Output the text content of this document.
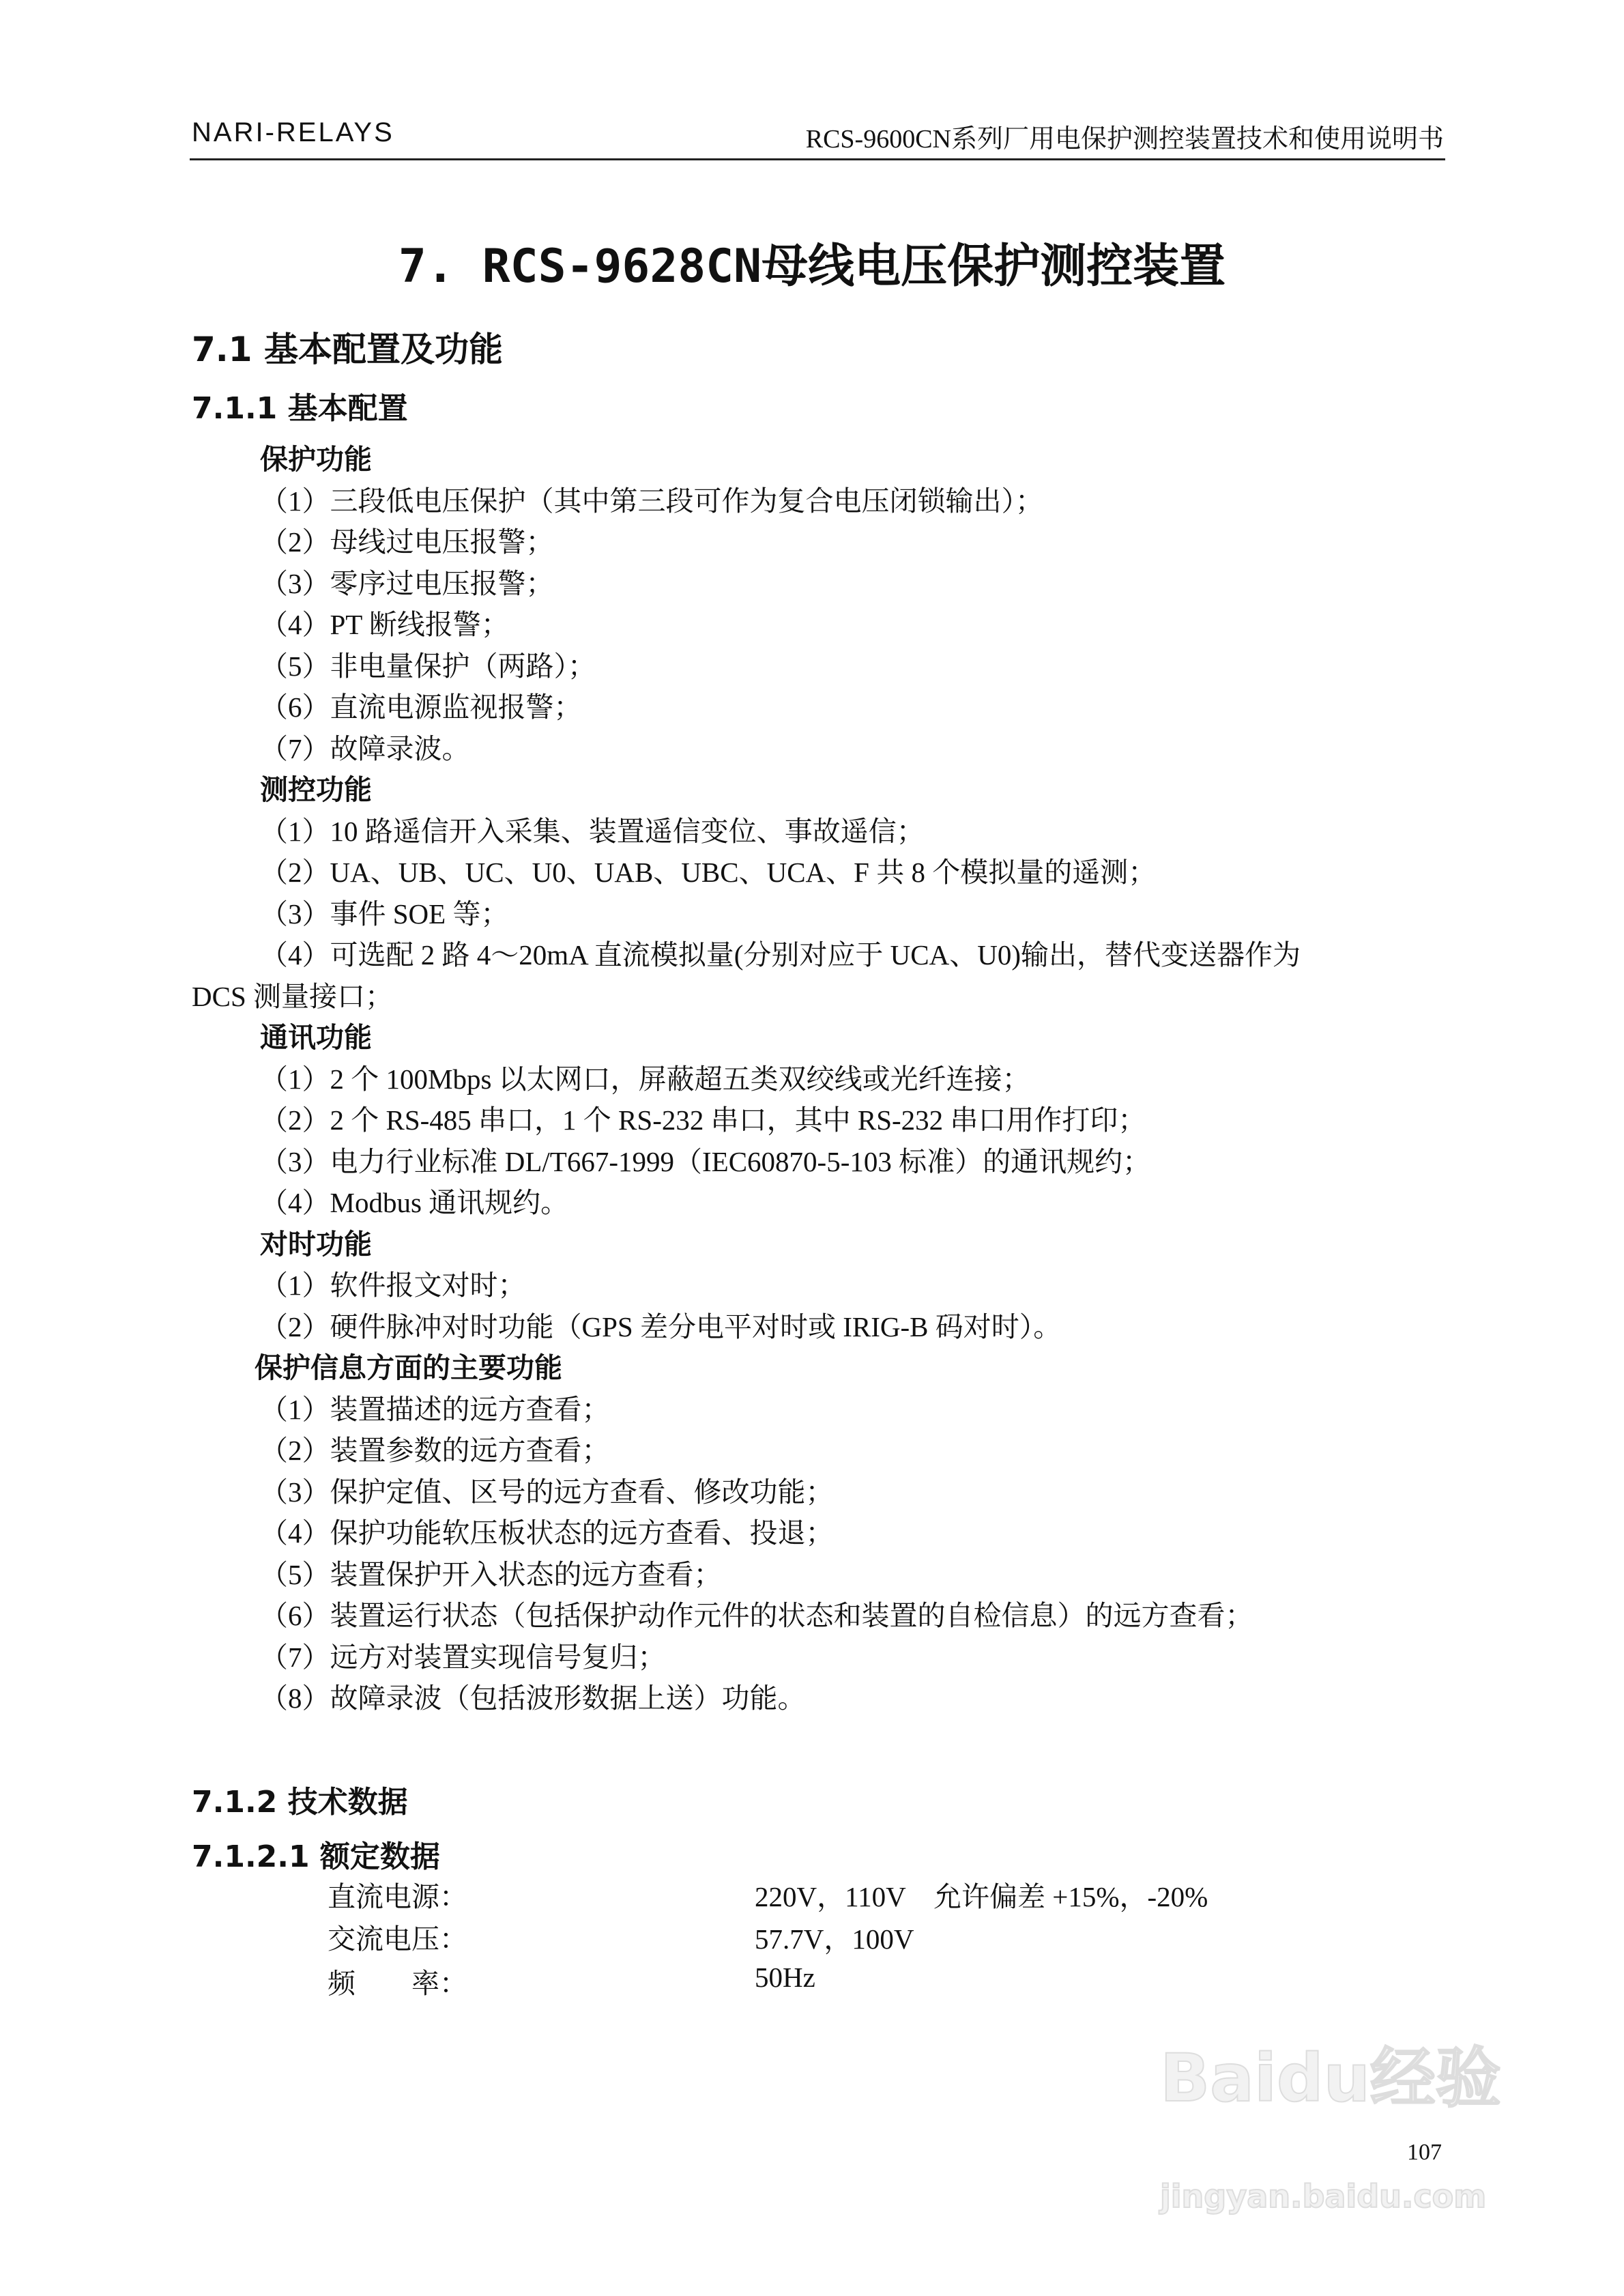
NARI-RELAYS	RCS-9600CN系列厂用电保护测控装置技术和使用说明书
7. RCS-9628CN母线电压保护测控装置
7.1 基本配置及功能
7.1.1 基本配置
保护功能
（1）三段低电压保护（其中第三段可作为复合电压闭锁输出）；
（2）母线过电压报警；
（3）零序过电压报警；
（4）PT 断线报警；
（5）非电量保护（两路）；
（6）直流电源监视报警；
（7）故障录波。
测控功能
（1）10 路遥信开入采集、装置遥信变位、事故遥信；
（2）UA、UB、UC、U0、UAB、UBC、UCA、F 共 8 个模拟量的遥测；
（3）事件 SOE 等；
（4）可选配 2 路 4～20mA 直流模拟量(分别对应于 UCA、U0)输出，替代变送器作为
DCS 测量接口；
通讯功能
（1）2 个 100Mbps 以太网口，屏蔽超五类双绞线或光纤连接；
（2）2 个 RS-485 串口，1 个 RS-232 串口，其中 RS-232 串口用作打印；
（3）电力行业标准 DL/T667-1999（IEC60870-5-103 标准）的通讯规约；
（4）Modbus 通讯规约。
对时功能
（1）软件报文对时；
（2）硬件脉冲对时功能（GPS 差分电平对时或 IRIG-B 码对时）。
保护信息方面的主要功能
（1）装置描述的远方查看；
（2）装置参数的远方查看；
（3）保护定值、区号的远方查看、修改功能；
（4）保护功能软压板状态的远方查看、投退；
（5）装置保护开入状态的远方查看；
（6）装置运行状态（包括保护动作元件的状态和装置的自检信息）的远方查看；
（7）远方对装置实现信号复归；
（8）故障录波（包括波形数据上送）功能。
7.1.2 技术数据
7.1.2.1 额定数据
直流电源：	220V，110V　允许偏差 +15%，-20%
交流电压：	57.7V，100V
频　　率：	50Hz
Baidu经验
jingyan.baidu.com
107
